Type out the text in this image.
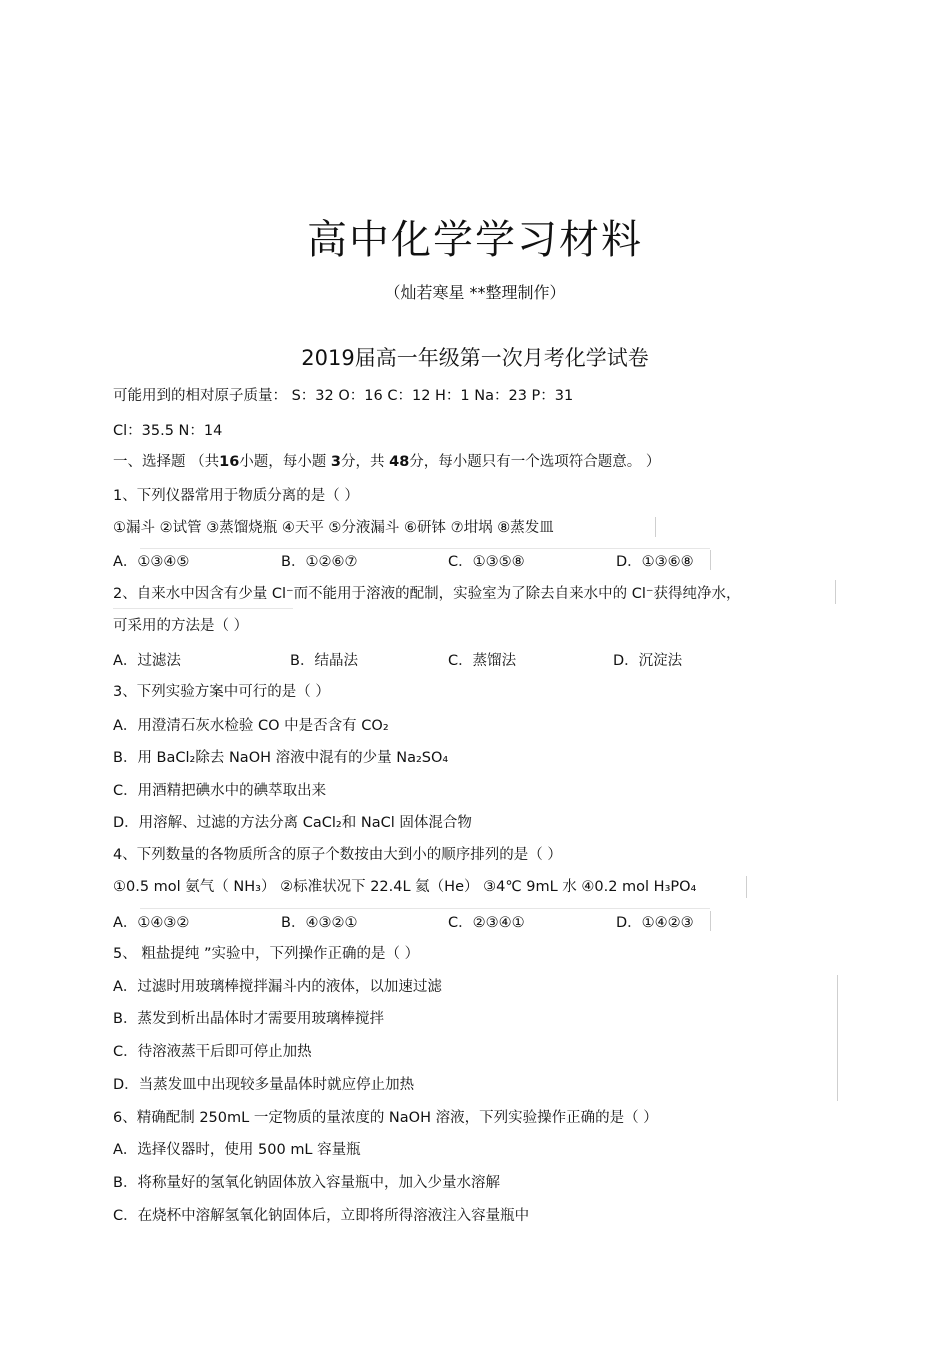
高中化学学习材料
（灿若寒星 **整理制作）
2019届高一年级第一次月考化学试卷
可能用到的相对原子质量： S：32 O：16 C：12 H：1 Na：23 P：31
Cl：35.5 N：14
一、选择题 （共16小题，每小题 3分，共 48分，每小题只有一个选项符合题意。 ）
1、下列仪器常用于物质分离的是（ ）
①漏斗 ②试管 ③蒸馏烧瓶 ④天平 ⑤分液漏斗 ⑥研钵 ⑦坩埚 ⑧蒸发皿
A．①③④⑤	B．①②⑥⑦	C．①③⑤⑧	D．①③⑥⑧
2、自来水中因含有少量 Cl⁻而不能用于溶液的配制，实验室为了除去自来水中的 Cl⁻获得纯净水，
可采用的方法是（ ）
A．过滤法	B．结晶法	C．蒸馏法	D．沉淀法
3、下列实验方案中可行的是（ ）
A．用澄清石灰水检验 CO 中是否含有 CO₂
B．用 BaCl₂除去 NaOH 溶液中混有的少量 Na₂SO₄
C．用酒精把碘水中的碘萃取出来
D．用溶解、过滤的方法分离 CaCl₂和 NaCl 固体混合物
4、下列数量的各物质所含的原子个数按由大到小的顺序排列的是（ ）
①0.5 mol 氨气（ NH₃） ②标准状况下 22.4L 氦（He） ③4℃ 9mL 水 ④0.2 mol H₃PO₄
A．①④③②	B．④③②①	C．②③④①	D．①④②③
5、 粗盐提纯 ”实验中，下列操作正确的是（ ）
A．过滤时用玻璃棒搅拌漏斗内的液体，以加速过滤
B．蒸发到析出晶体时才需要用玻璃棒搅拌
C．待溶液蒸干后即可停止加热
D．当蒸发皿中出现较多量晶体时就应停止加热
6、精确配制 250mL 一定物质的量浓度的 NaOH 溶液，下列实验操作正确的是（ ）
A．选择仪器时，使用 500 mL 容量瓶
B．将称量好的氢氧化钠固体放入容量瓶中，加入少量水溶解
C．在烧杯中溶解氢氧化钠固体后，立即将所得溶液注入容量瓶中
